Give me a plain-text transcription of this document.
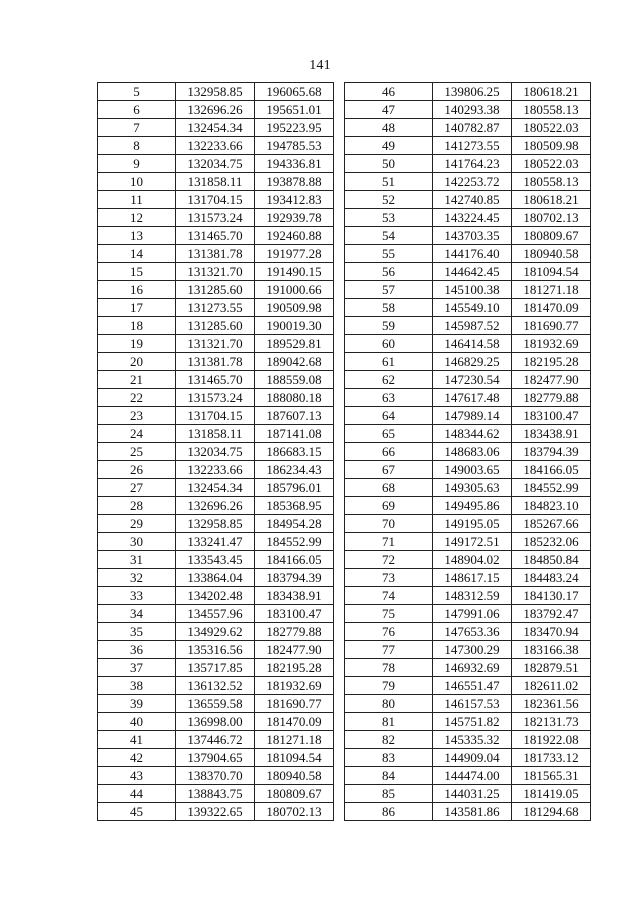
141
5	132958.85	196065.68
6	132696.26	195651.01
7	132454.34	195223.95
8	132233.66	194785.53
9	132034.75	194336.81
10	131858.11	193878.88
11	131704.15	193412.83
12	131573.24	192939.78
13	131465.70	192460.88
14	131381.78	191977.28
15	131321.70	191490.15
16	131285.60	191000.66
17	131273.55	190509.98
18	131285.60	190019.30
19	131321.70	189529.81
20	131381.78	189042.68
21	131465.70	188559.08
22	131573.24	188080.18
23	131704.15	187607.13
24	131858.11	187141.08
25	132034.75	186683.15
26	132233.66	186234.43
27	132454.34	185796.01
28	132696.26	185368.95
29	132958.85	184954.28
30	133241.47	184552.99
31	133543.45	184166.05
32	133864.04	183794.39
33	134202.48	183438.91
34	134557.96	183100.47
35	134929.62	182779.88
36	135316.56	182477.90
37	135717.85	182195.28
38	136132.52	181932.69
39	136559.58	181690.77
40	136998.00	181470.09
41	137446.72	181271.18
42	137904.65	181094.54
43	138370.70	180940.58
44	138843.75	180809.67
45	139322.65	180702.13
46	139806.25	180618.21
47	140293.38	180558.13
48	140782.87	180522.03
49	141273.55	180509.98
50	141764.23	180522.03
51	142253.72	180558.13
52	142740.85	180618.21
53	143224.45	180702.13
54	143703.35	180809.67
55	144176.40	180940.58
56	144642.45	181094.54
57	145100.38	181271.18
58	145549.10	181470.09
59	145987.52	181690.77
60	146414.58	181932.69
61	146829.25	182195.28
62	147230.54	182477.90
63	147617.48	182779.88
64	147989.14	183100.47
65	148344.62	183438.91
66	148683.06	183794.39
67	149003.65	184166.05
68	149305.63	184552.99
69	149495.86	184823.10
70	149195.05	185267.66
71	149172.51	185232.06
72	148904.02	184850.84
73	148617.15	184483.24
74	148312.59	184130.17
75	147991.06	183792.47
76	147653.36	183470.94
77	147300.29	183166.38
78	146932.69	182879.51
79	146551.47	182611.02
80	146157.53	182361.56
81	145751.82	182131.73
82	145335.32	181922.08
83	144909.04	181733.12
84	144474.00	181565.31
85	144031.25	181419.05
86	143581.86	181294.68
